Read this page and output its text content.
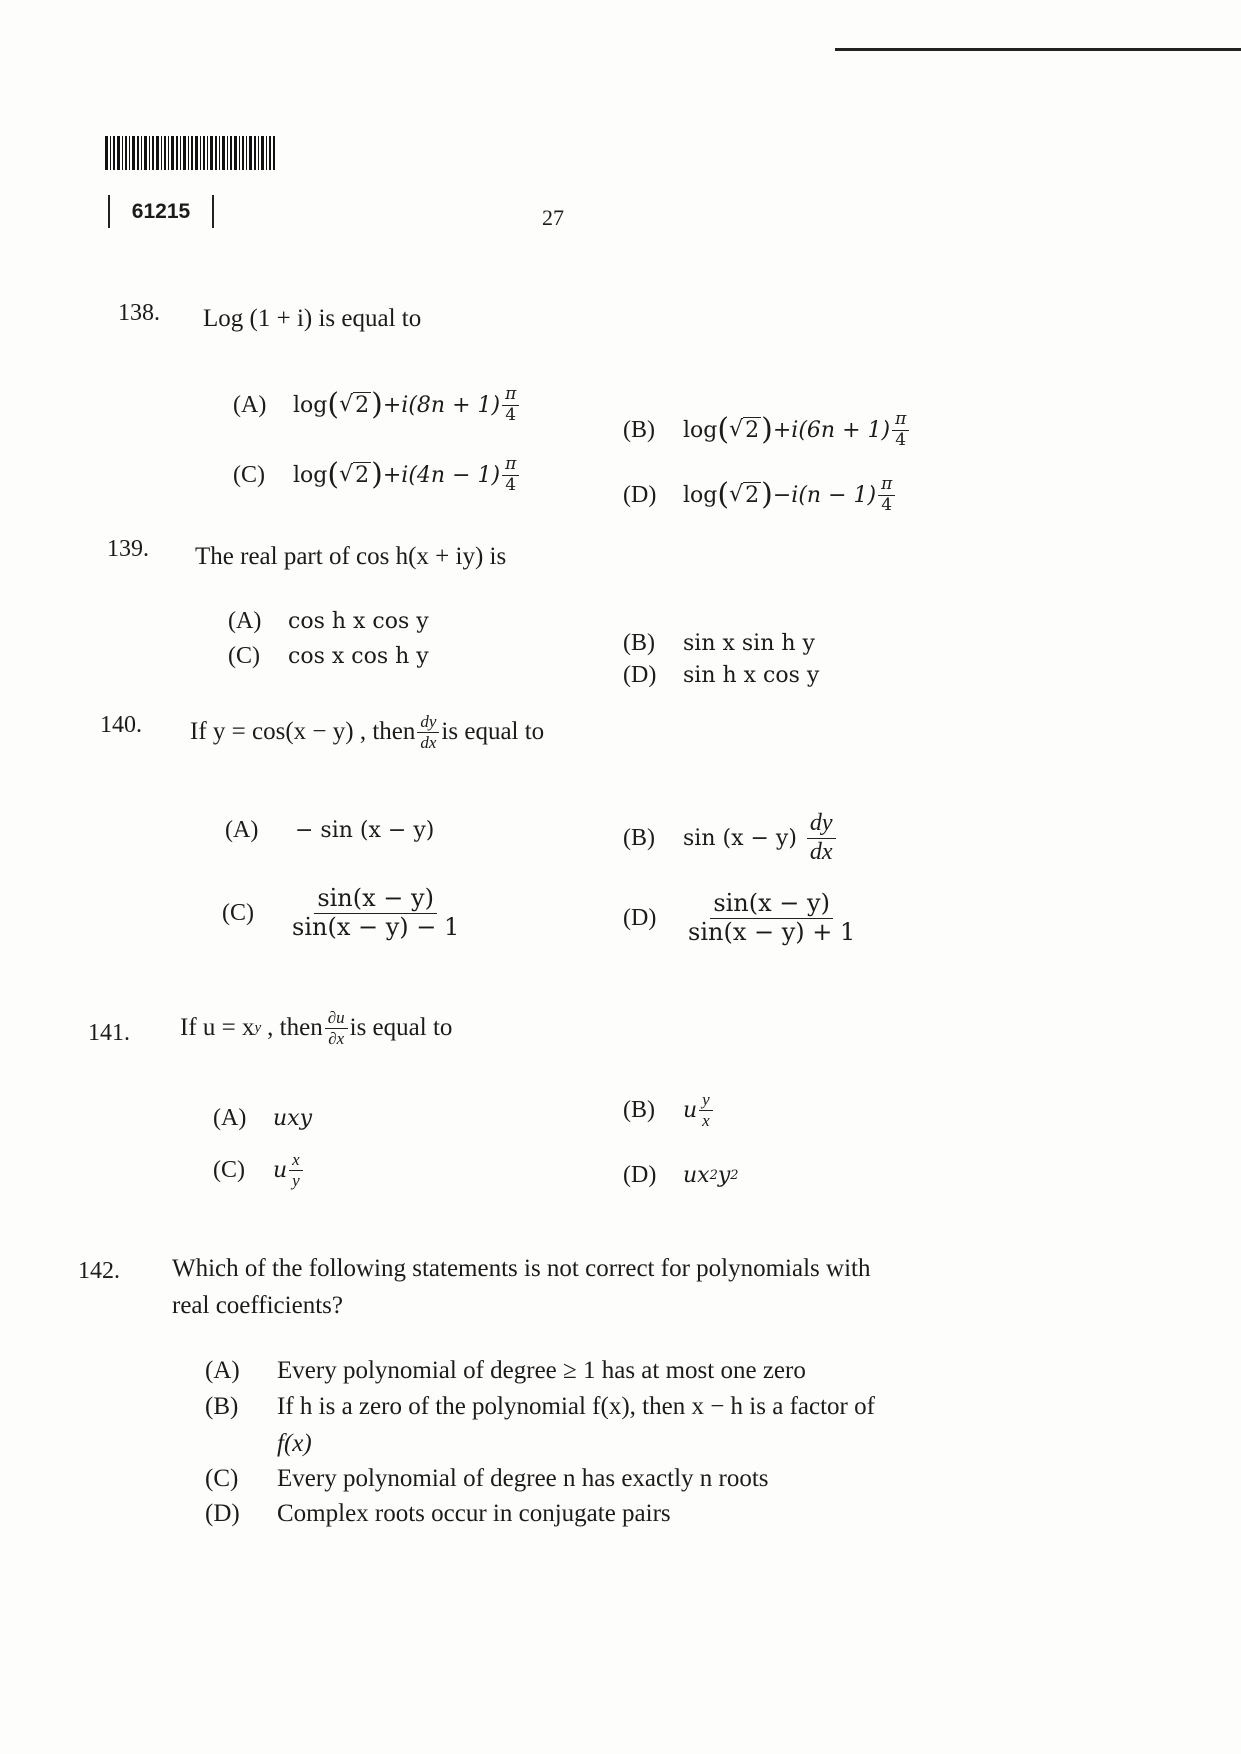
61215	27
138. Log (1 + i) is equal to
(A)	log ( √ 2 ) + i $(8n + 1) \frac{\pi}{4}$
(B)	log ( √ 2 ) + i $(6n + 1) \frac{\pi}{4}$
(C)	log ( √ 2 ) + i $(4n - 1) \frac{\pi}{4}$	(D)	log ( √ 2 ) − i $(n - 1) \frac{\pi}{4}$
139. The real part of cos h(x + iy) is
(A)	cos h x cos y
(C)	cos x cos h y
(B)	sin x sin h y
(D)	sin h x cos y
140. If y = cos(x − y) , then $\frac{dy}{dx}$ is equal to
(A)	− sin (x − y)	(B)	$\sin (x - y) \frac{dy}{dx}$
(C)	$\frac{\sin(x - y)}{\sin(x - y) - 1}$	(D)	$\frac{\sin(x - y)}{\sin(x - y) + 1}$
141. If u = x y , then $\frac{\partial u}{\partial x}$ is equal to
(A)	uxy	(B)	u $\frac{y}{x}$
(C)	u $\frac{x}{y}$	(D)	ux 2 y 2
142. Which of the following statements is not correct for polynomials with
real coefficients?
(A)	Every polynomial of degree ≥ 1 has at most one zero
(B)	If h is a zero of the polynomial f(x), then x − h is a factor of
f(x)
(C)	Every polynomial of degree n has exactly n roots
(D)	Complex roots occur in conjugate pairs
